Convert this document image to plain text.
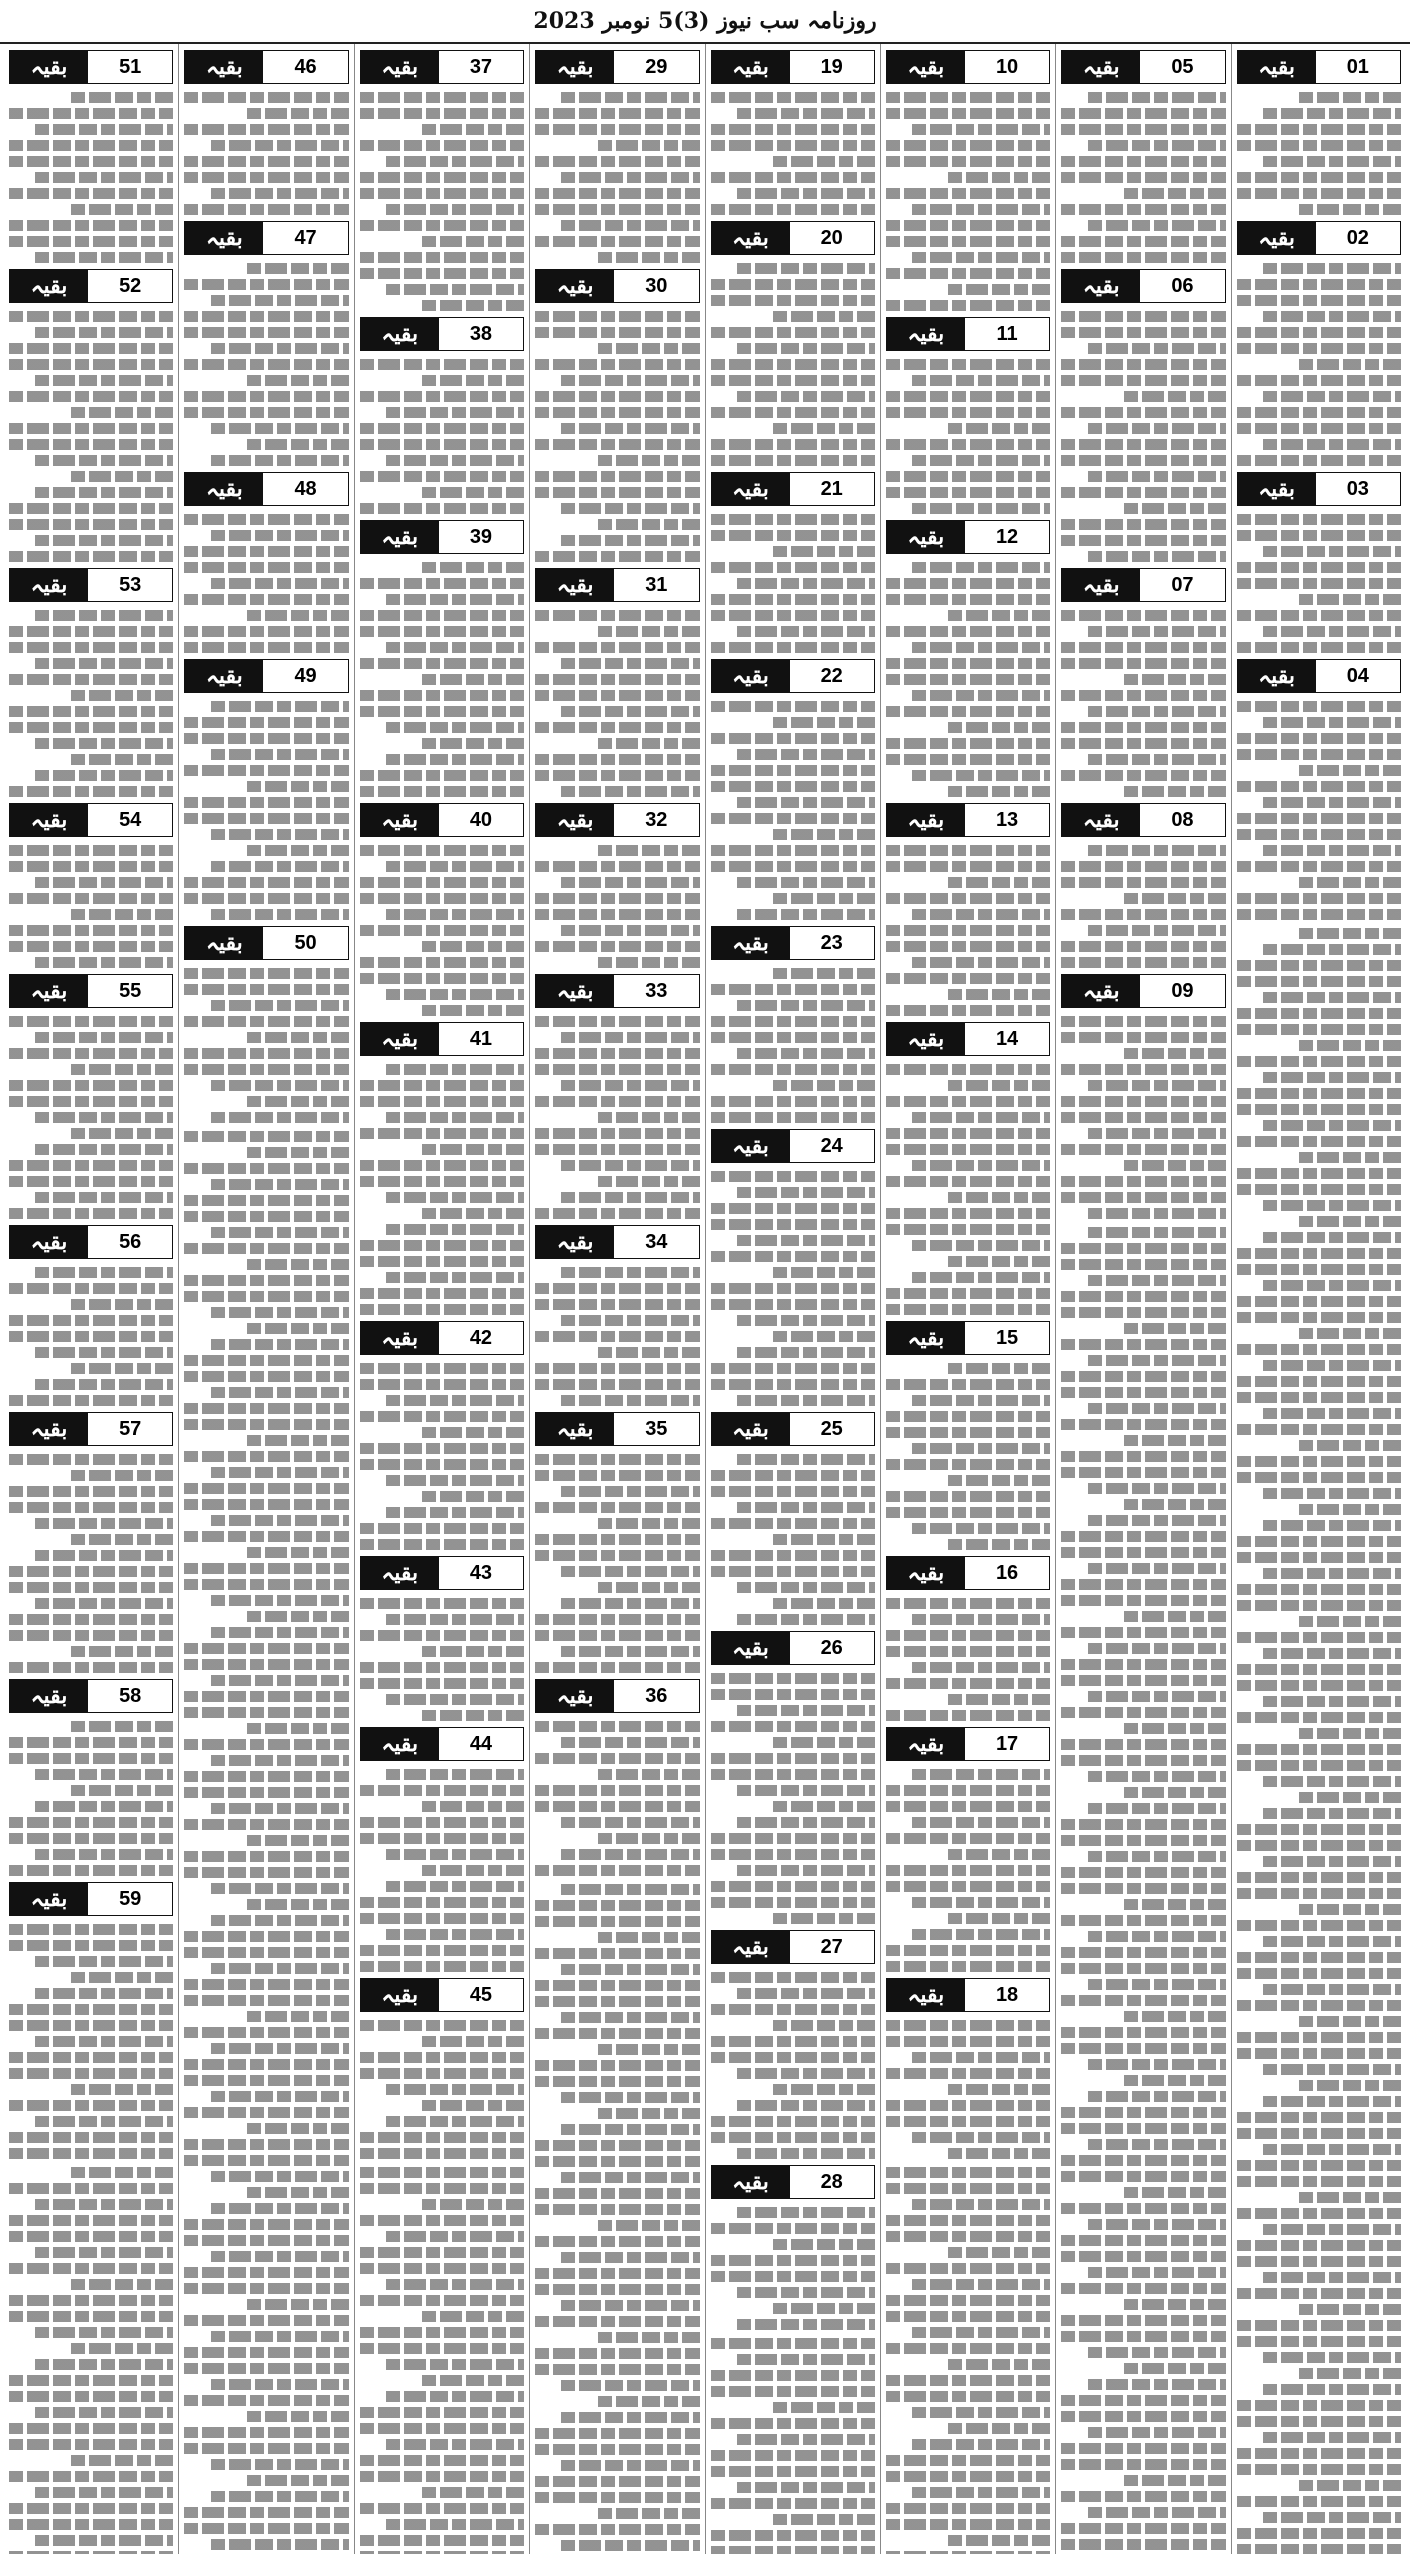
روزنامہ سب نیوز (3)5 نومبر 2023
بقیہ	01
بقیہ	02
بقیہ	03
بقیہ	04
بقیہ	05
بقیہ	06
بقیہ	07
بقیہ	08
بقیہ	09
بقیہ	10
بقیہ	11
بقیہ	12
بقیہ	13
بقیہ	14
بقیہ	15
بقیہ	16
بقیہ	17
بقیہ	18
بقیہ	19
بقیہ	20
بقیہ	21
بقیہ	22
بقیہ	23
بقیہ	24
بقیہ	25
بقیہ	26
بقیہ	27
بقیہ	28
بقیہ	29
بقیہ	30
بقیہ	31
بقیہ	32
بقیہ	33
بقیہ	34
بقیہ	35
بقیہ	36
بقیہ	37
بقیہ	38
بقیہ	39
بقیہ	40
بقیہ	41
بقیہ	42
بقیہ	43
بقیہ	44
بقیہ	45
بقیہ	46
بقیہ	47
بقیہ	48
بقیہ	49
بقیہ	50
بقیہ	51
بقیہ	52
بقیہ	53
بقیہ	54
بقیہ	55
بقیہ	56
بقیہ	57
بقیہ	58
بقیہ	59
